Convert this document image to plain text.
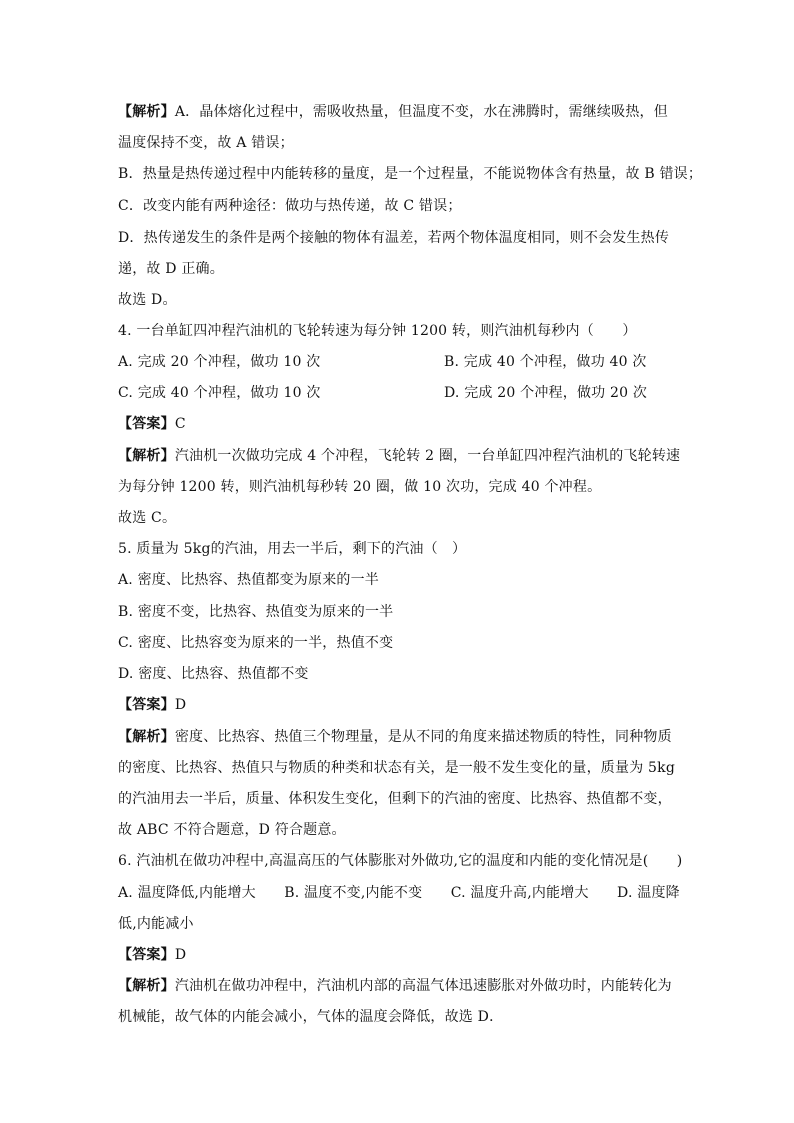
【解析】A．晶体熔化过程中，需吸收热量，但温度不变，水在沸腾时，需继续吸热，但
温度保持不变，故 A 错误；
B．热量是热传递过程中内能转移的量度，是一个过程量，不能说物体含有热量，故 B 错误；
C．改变内能有两种途径：做功与热传递，故 C 错误；
D．热传递发生的条件是两个接触的物体有温差，若两个物体温度相同，则不会发生热传
递，故 D 正确。
故选 D。
4. 一台单缸四冲程汽油机的飞轮转速为每分钟 1200 转，则汽油机每秒内（　　）
A. 完成 20 个冲程，做功 10 次	B. 完成 40 个冲程，做功 40 次
C. 完成 40 个冲程，做功 10 次	D. 完成 20 个冲程，做功 20 次
【答案】C
【解析】汽油机一次做功完成 4 个冲程，飞轮转 2 圈，一台单缸四冲程汽油机的飞轮转速
为每分钟 1200 转，则汽油机每秒转 20 圈，做 10 次功，完成 40 个冲程。
故选 C。
5. 质量为 5kg的汽油，用去一半后，剩下的汽油（　）
A. 密度、比热容、热值都变为原来的一半
B. 密度不变，比热容、热值变为原来的一半
C. 密度、比热容变为原来的一半，热值不变
D. 密度、比热容、热值都不变
【答案】D
【解析】密度、比热容、热值三个物理量，是从不同的角度来描述物质的特性，同种物质
的密度、比热容、热值只与物质的种类和状态有关，是一般不发生变化的量，质量为 5kg
的汽油用去一半后，质量、体积发生变化，但剩下的汽油的密度、比热容、热值都不变，
故 ABC 不符合题意，D 符合题意。
6. 汽油机在做功冲程中,高温高压的气体膨胀对外做功,它的温度和内能的变化情况是(　　)
A. 温度降低,内能增大　　B. 温度不变,内能不变　　C. 温度升高,内能增大　　D. 温度降
低,内能减小
【答案】D
【解析】汽油机在做功冲程中，汽油机内部的高温气体迅速膨胀对外做功时，内能转化为
机械能，故气体的内能会减小，气体的温度会降低，故选 D．
